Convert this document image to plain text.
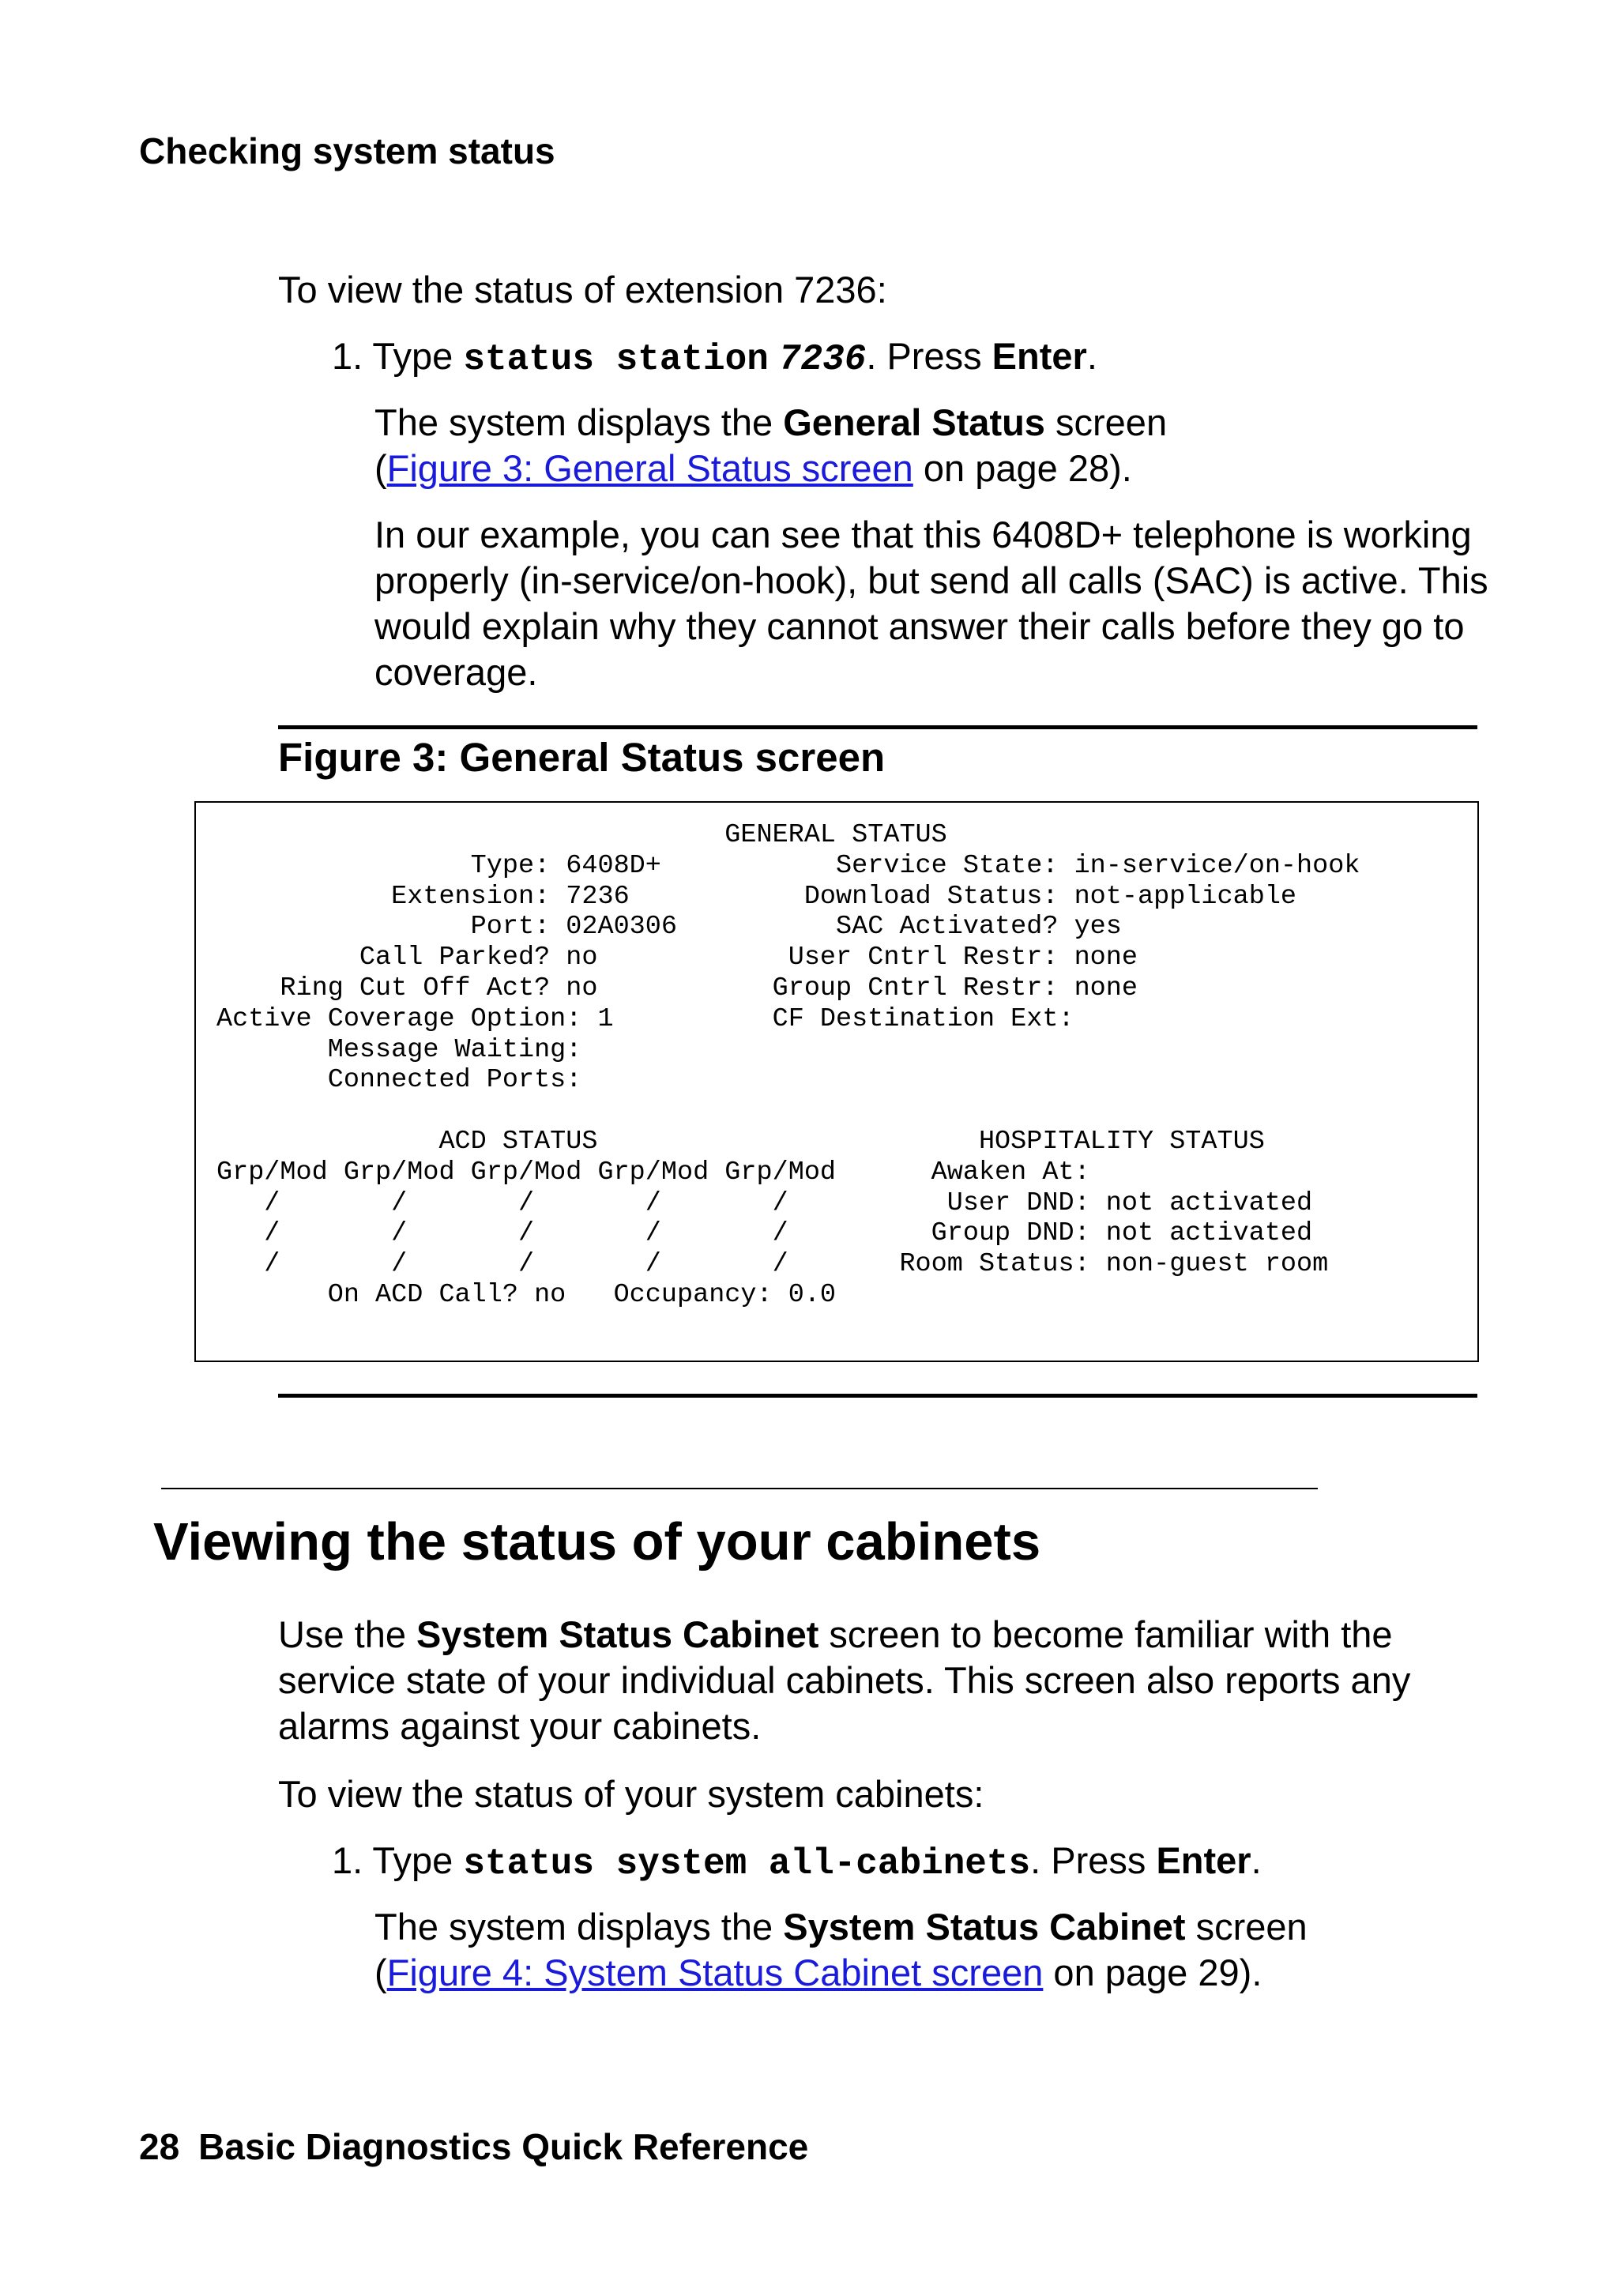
Checking system status

To view the status of extension 7236:

1. Type status station 7236. Press Enter.

The system displays the General Status screen
(Figure 3: General Status screen on page 28).

In our example, you can see that this 6408D+ telephone is working properly (in-service/on-hook), but send all calls (SAC) is active. This would explain why they cannot answer their calls before they go to coverage.

Figure 3: General Status screen

GENERAL STATUS
Type: 6408D+           Service State: in-service/on-hook
Extension: 7236           Download Status: not-applicable
Port: 02A0306          SAC Activated? yes
Call Parked? no            User Cntrl Restr: none
Ring Cut Off Act? no           Group Cntrl Restr: none
Active Coverage Option: 1          CF Destination Ext:
Message Waiting:
Connected Ports:

ACD STATUS                        HOSPITALITY STATUS
Grp/Mod Grp/Mod Grp/Mod Grp/Mod Grp/Mod      Awaken At:
/       /       /       /       /          User DND: not activated
/       /       /       /       /         Group DND: not activated
/       /       /       /       /       Room Status: non-guest room
On ACD Call? no   Occupancy: 0.0

Viewing the status of your cabinets

Use the System Status Cabinet screen to become familiar with the service state of your individual cabinets. This screen also reports any alarms against your cabinets.

To view the status of your system cabinets:

1. Type status system all-cabinets. Press Enter.

The system displays the System Status Cabinet screen
(Figure 4: System Status Cabinet screen on page 29).

28 Basic Diagnostics Quick Reference
